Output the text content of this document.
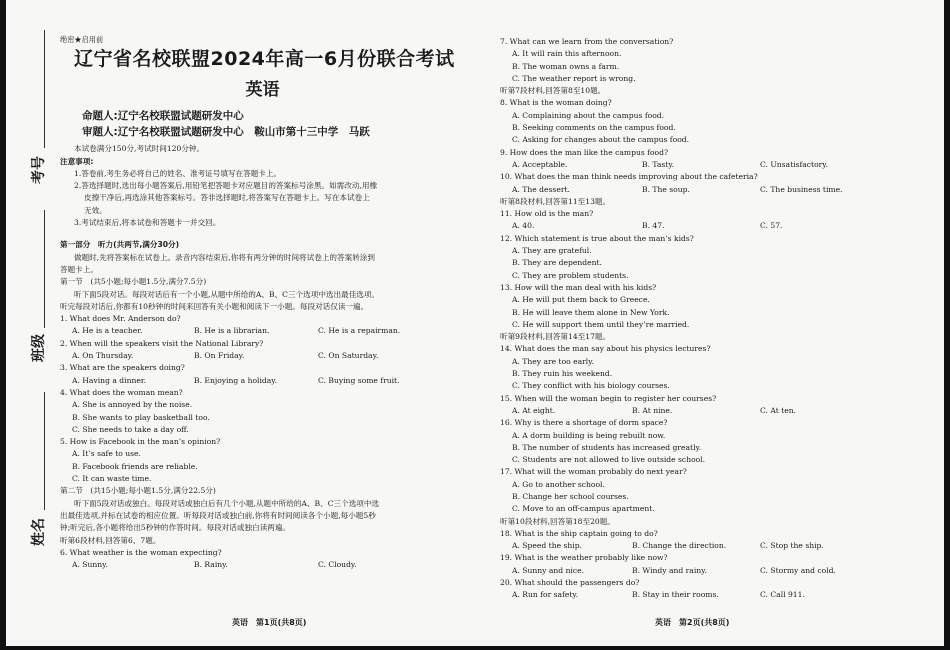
考号
班级
姓名
绝密★启用前
辽宁省名校联盟2024年高一6月份联合考试
英语
命题人:辽宁名校联盟试题研发中心
审题人:辽宁名校联盟试题研发中心　鞍山市第十三中学　马跃
本试卷满分150分,考试时间120分钟。
注意事项:
1.答卷前,考生务必将自己的姓名、准考证号填写在答题卡上。
2.答选择题时,选出每小题答案后,用铅笔把答题卡对应题目的答案标号涂黑。如需改动,用橡
皮擦干净后,再选涂其他答案标号。答非选择题时,将答案写在答题卡上。写在本试卷上
无效。
3.考试结束后,将本试卷和答题卡一并交回。
第一部分　听力(共两节,满分30分)
做题时,先将答案标在试卷上。录音内容结束后,你将有两分钟的时间将试卷上的答案转涂到
答题卡上。
第一节　(共5小题;每小题1.5分,满分7.5分)
听下面5段对话。每段对话后有一个小题,从题中所给的A、B、C三个选项中选出最佳选项。
听完每段对话后,你都有10秒钟的时间来回答有关小题和阅读下一小题。每段对话仅读一遍。
1. What does Mr. Anderson do?
A. He is a teacher.	B. He is a librarian.	C. He is a repairman.
2. When will the speakers visit the National Library?
A. On Thursday.	B. On Friday.	C. On Saturday.
3. What are the speakers doing?
A. Having a dinner.	B. Enjoying a holiday.	C. Buying some fruit.
4. What does the woman mean?
A. She is annoyed by the noise.
B. She wants to play basketball too.
C. She needs to take a day off.
5. How is Facebook in the man’s opinion?
A. It’s safe to use.
B. Facebook friends are reliable.
C. It can waste time.
第二节　(共15小题;每小题1.5分,满分22.5分)
听下面5段对话或独白。每段对话或独白后有几个小题,从题中所给的A、B、C三个选项中选
出最佳选项,并标在试卷的相应位置。听每段对话或独白前,你将有时间阅读各个小题,每小题5秒
钟;听完后,各小题将给出5秒钟的作答时间。每段对话或独白读两遍。
听第6段材料,回答第6、7题。
6. What weather is the woman expecting?
A. Sunny.	B. Rainy.	C. Cloudy.
英语　第1页(共8页)
7. What can we learn from the conversation?
A. It will rain this afternoon.
B. The woman owns a farm.
C. The weather report is wrong.
听第7段材料,回答第8至10题。
8. What is the woman doing?
A. Complaining about the campus food.
B. Seeking comments on the campus food.
C. Asking for changes about the campus food.
9. How does the man like the campus food?
A. Acceptable.	B. Tasty.	C. Unsatisfactory.
10. What does the man think needs improving about the cafeteria?
A. The dessert.	B. The soup.	C. The business time.
听第8段材料,回答第11至13题。
11. How old is the man?
A. 40.	B. 47.	C. 57.
12. Which statement is true about the man’s kids?
A. They are grateful.
B. They are dependent.
C. They are problem students.
13. How will the man deal with his kids?
A. He will put them back to Greece.
B. He will leave them alone in New York.
C. He will support them until they’re married.
听第9段材料,回答第14至17题。
14. What does the man say about his physics lectures?
A. They are too early.
B. They ruin his weekend.
C. They conflict with his biology courses.
15. When will the woman begin to register her courses?
A. At eight.	B. At nine.	C. At ten.
16. Why is there a shortage of dorm space?
A. A dorm building is being rebuilt now.
B. The number of students has increased greatly.
C. Students are not allowed to live outside school.
17. What will the woman probably do next year?
A. Go to another school.
B. Change her school courses.
C. Move to an off-campus apartment.
听第10段材料,回答第18至20题。
18. What is the ship captain going to do?
A. Speed the ship.	B. Change the direction.	C. Stop the ship.
19. What is the weather probably like now?
A. Sunny and nice.	B. Windy and rainy.	C. Stormy and cold.
20. What should the passengers do?
A. Run for safety.	B. Stay in their rooms.	C. Call 911.
英语　第2页(共8页)
